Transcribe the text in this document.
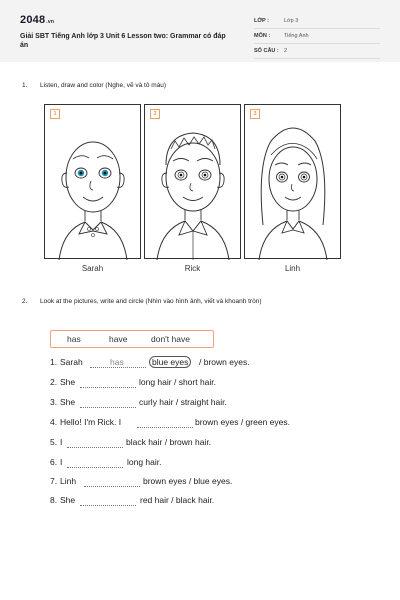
2048.vn
Giải SBT Tiếng Anh lớp 3 Unit 6 Lesson two: Grammar có đáp án
LỚP :	Lớp 3
MÔN :	Tiếng Anh
SỐ CÂU : 2
1. Listen, draw and color (Nghe, vẽ và tô màu)
1
Sarah
2
Rick
3
Linh
2. Look at the pictures, write and circle (Nhìn vào hình ảnh, viết và khoanh tròn)
has	have	don't have
1. Sarah	has	blue eyes	/ brown eyes.
2. She	long hair / short hair.
3. She	curly hair / straight hair.
4. Hello! I'm Rick. I	brown eyes / green eyes.
5. I	black hair / brown hair.
6. I	long hair.
7. Linh	brown eyes / blue eyes.
8. She	red hair / black hair.
